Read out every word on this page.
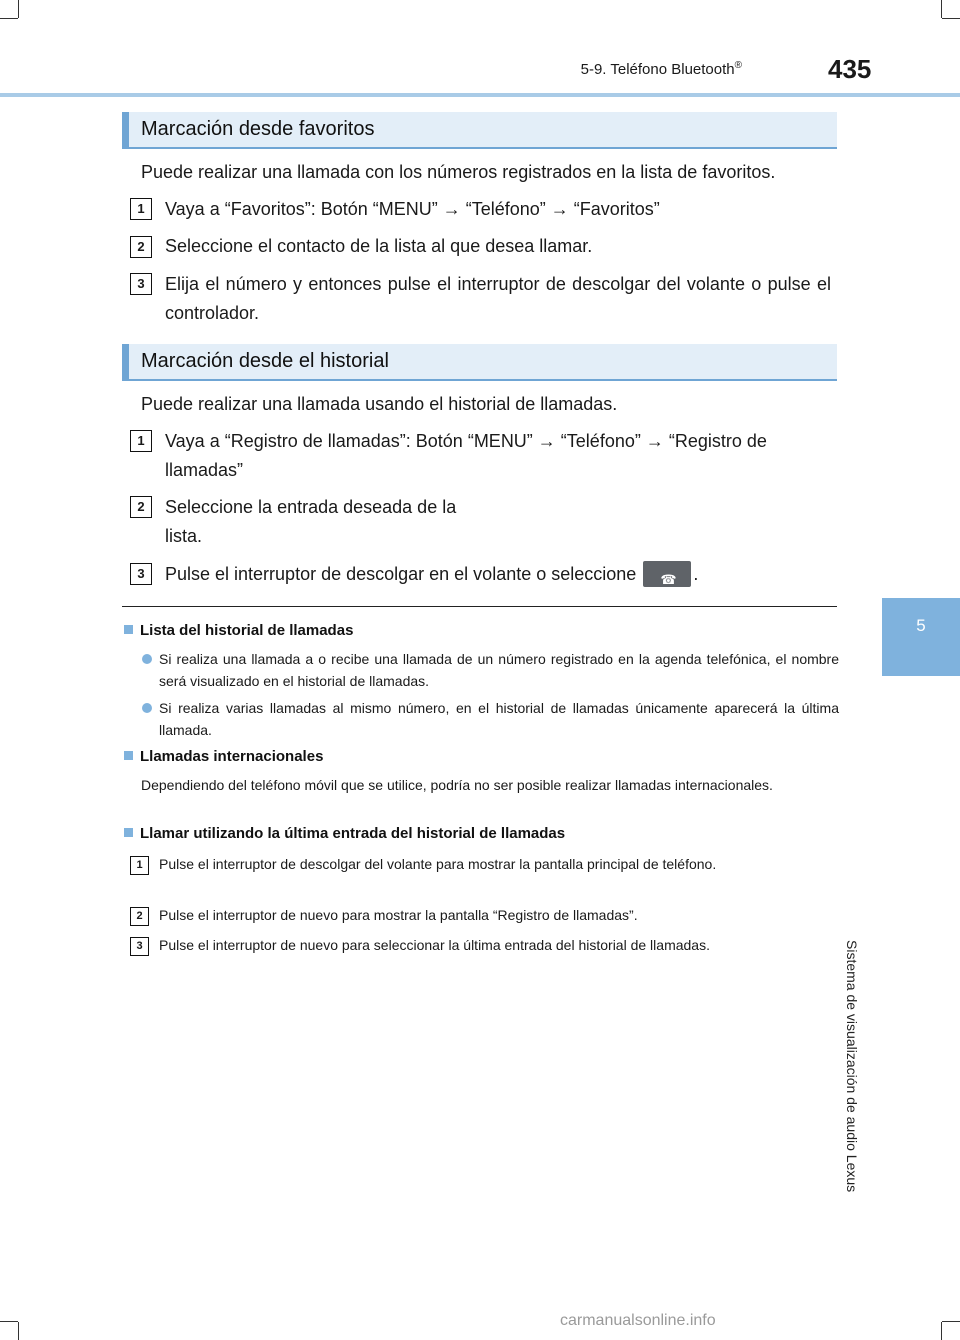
5-9. Teléfono Bluetooth®	435
5
Sistema de visualización de audio Lexus
Marcación desde favoritos
Puede realizar una llamada con los números registrados en la lista de favoritos.
1	Vaya a “Favoritos”: Botón “MENU” → “Teléfono” → “Favoritos”
2	Seleccione el contacto de la lista al que desea llamar.
3	Elija el número y entonces pulse el interruptor de descolgar del volante o pulse el controlador.
Marcación desde el historial
Puede realizar una llamada usando el historial de llamadas.
1	Vaya a “Registro de llamadas”: Botón “MENU” → “Teléfono” → “Registro de llamadas”
2	Seleccione la entrada deseada de la lista.
3	Pulse el interruptor de descolgar en el volante o seleccione ☎	.
Lista del historial de llamadas
Si realiza una llamada a o recibe una llamada de un número registrado en la agenda telefónica, el nombre será visualizado en el historial de llamadas.
Si realiza varias llamadas al mismo número, en el historial de llamadas únicamente aparecerá la última llamada.
Llamadas internacionales
Dependiendo del teléfono móvil que se utilice, podría no ser posible realizar llamadas internacionales.
Llamar utilizando la última entrada del historial de llamadas
1	Pulse el interruptor de descolgar del volante para mostrar la pantalla principal de teléfono.
2	Pulse el interruptor de nuevo para mostrar la pantalla “Registro de llamadas”.
3	Pulse el interruptor de nuevo para seleccionar la última entrada del historial de llamadas.
carmanualsonline.info
